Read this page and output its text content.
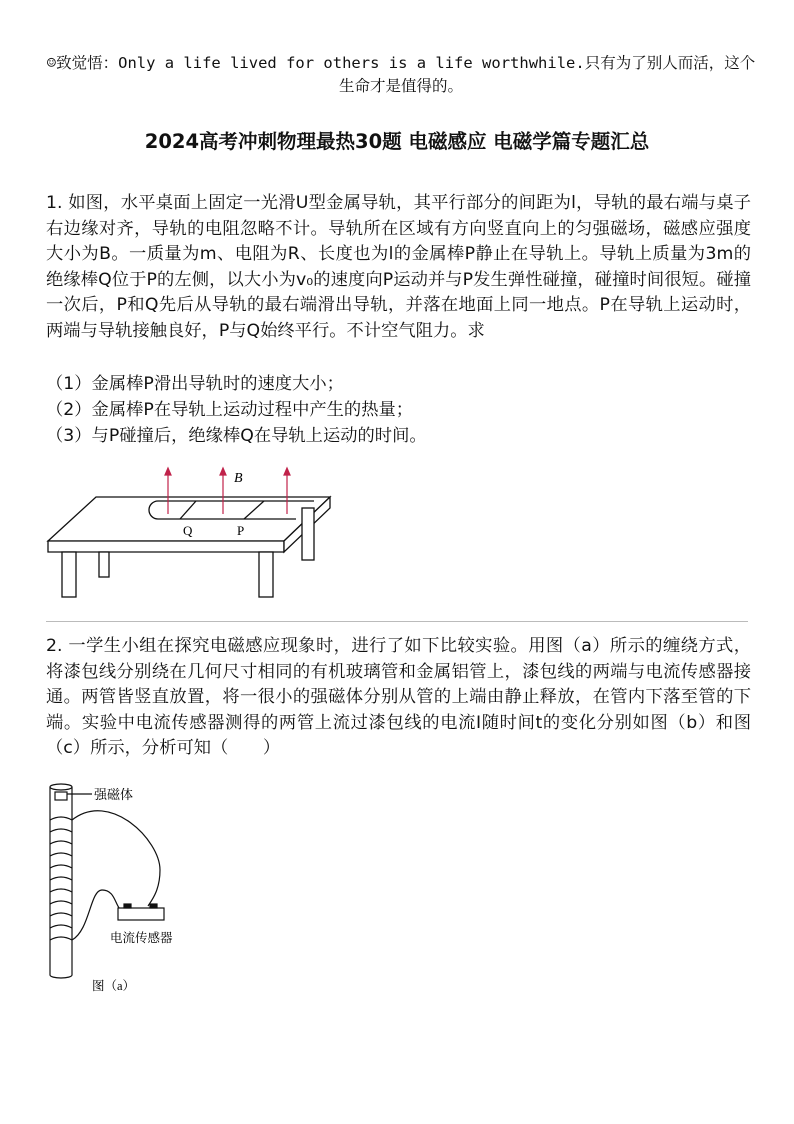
☺致觉悟：Only a life lived for others is a life worthwhile.只有为了别人而活，这个生命才是值得的。
2024高考冲刺物理最热30题 电磁感应 电磁学篇专题汇总
1. 如图，水平桌面上固定一光滑U型金属导轨，其平行部分的间距为l，导轨的最右端与桌子右边缘对齐，导轨的电阻忽略不计。导轨所在区域有方向竖直向上的匀强磁场，磁感应强度大小为B。一质量为m、电阻为R、长度也为l的金属棒P静止在导轨上。导轨上质量为3m的绝缘棒Q位于P的左侧，以大小为v₀的速度向P运动并与P发生弹性碰撞，碰撞时间很短。碰撞一次后，P和Q先后从导轨的最右端滑出导轨，并落在地面上同一地点。P在导轨上运动时，两端与导轨接触良好，P与Q始终平行。不计空气阻力。求
（1）金属棒P滑出导轨时的速度大小；
（2）金属棒P在导轨上运动过程中产生的热量；
（3）与P碰撞后，绝缘棒Q在导轨上运动的时间。
B
Q	P
2. 一学生小组在探究电磁感应现象时，进行了如下比较实验。用图（a）所示的缠绕方式，将漆包线分别绕在几何尺寸相同的有机玻璃管和金属铝管上，漆包线的两端与电流传感器接通。两管皆竖直放置，将一很小的强磁体分别从管的上端由静止释放，在管内下落至管的下端。实验中电流传感器测得的两管上流过漆包线的电流I随时间t的变化分别如图（b）和图（c）所示，分析可知（　　）
强磁体
电流传感器
图（a）
